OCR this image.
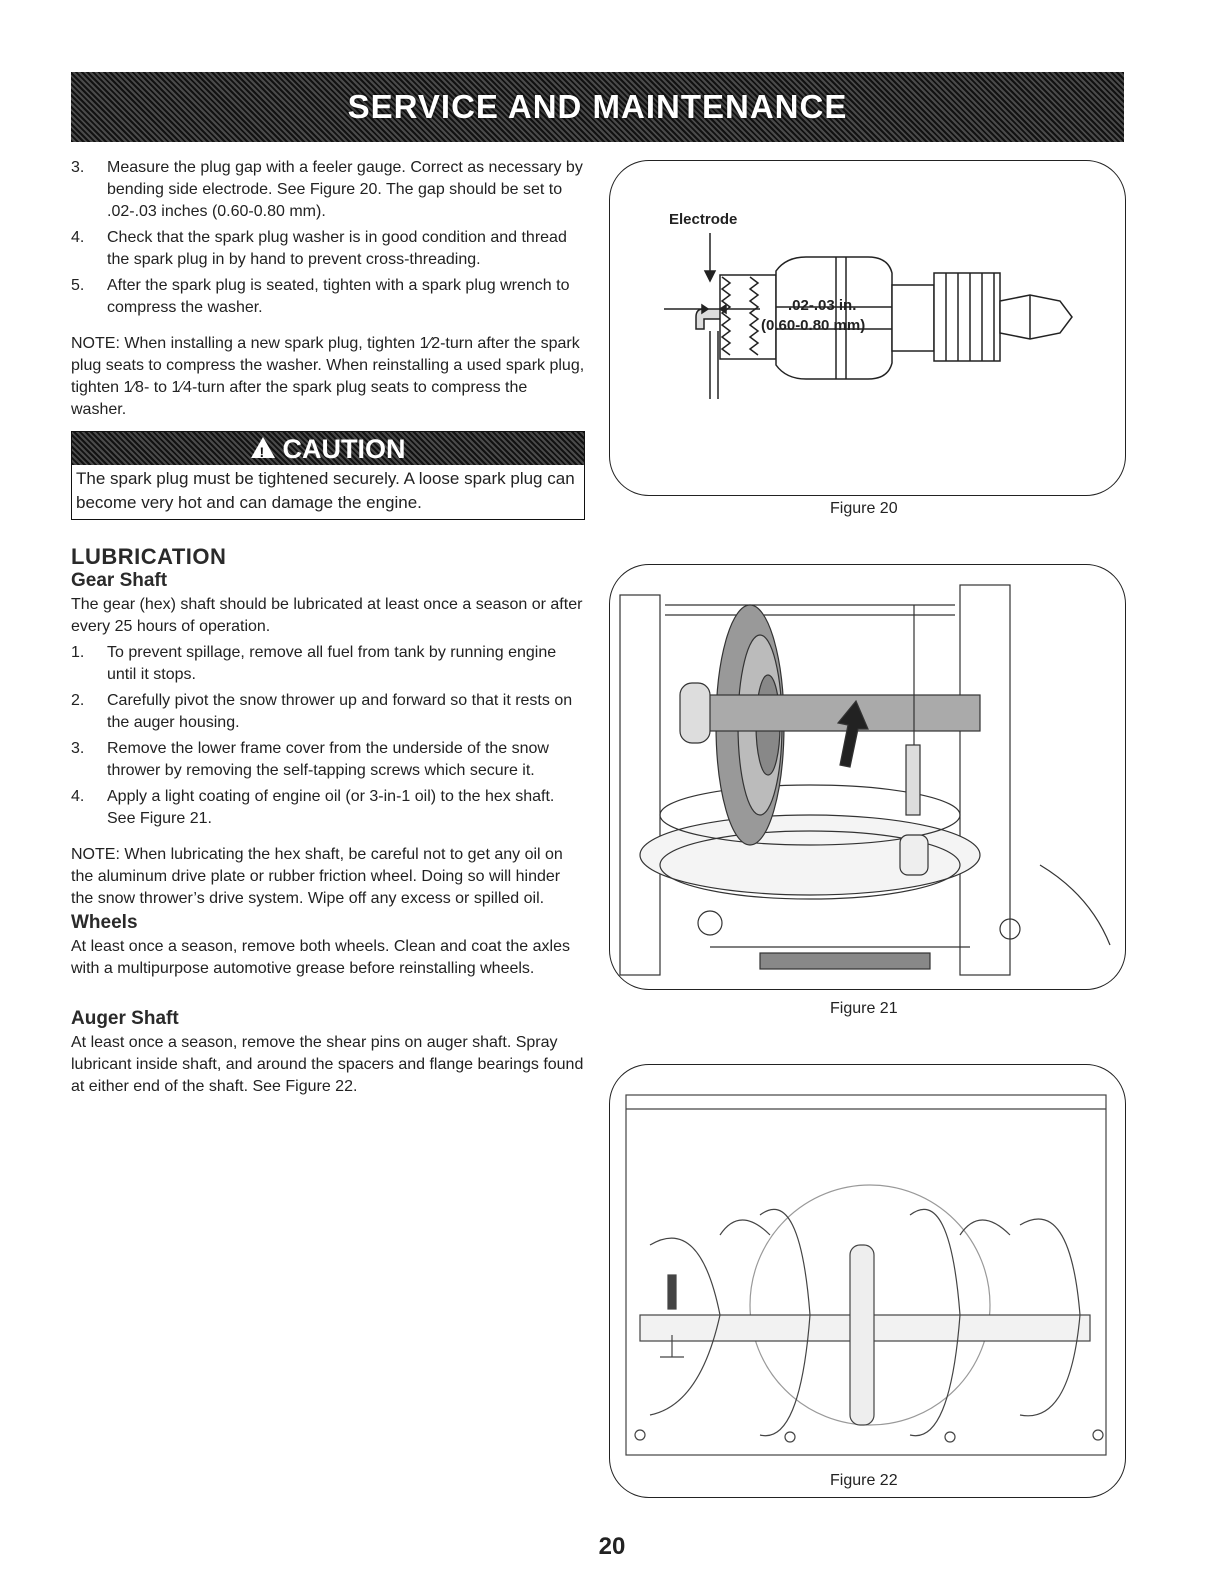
SERVICE AND MAINTENANCE
3.	Measure the plug gap with a feeler gauge. Correct as necessary by bending side electrode. See Figure 20. The gap should be set to .02-.03 inches (0.60-0.80 mm).
4.	Check that the spark plug washer is in good condition and thread the spark plug in by hand to prevent cross-threading.
5.	After the spark plug is seated, tighten with a spark plug wrench to compress the washer.

NOTE: When installing a new spark plug, tighten 1⁄2-turn after the spark plug seats to compress the washer. When reinstalling a used spark plug, tighten 1⁄8- to 1⁄4-turn after the spark plug seats to compress the washer.

! CAUTION
The spark plug must be tightened securely. A loose spark plug can become very hot and can damage the engine.
LUBRICATION
Gear Shaft

The gear (hex) shaft should be lubricated at least once a season or after every 25 hours of operation.

1.	To prevent spillage, remove all fuel from tank by running engine until it stops.
2.	Carefully pivot the snow thrower up and forward so that it rests on the auger housing.
3.	Remove the lower frame cover from the underside of the snow thrower by removing the self-tapping screws which secure it.
4.	Apply a light coating of engine oil (or 3-in-1 oil) to the hex shaft. See Figure 21.

NOTE: When lubricating the hex shaft, be careful not to get any oil on the aluminum drive plate or rubber friction wheel. Doing so will hinder the snow thrower’s drive system. Wipe off any excess or spilled oil.

Wheels

At least once a season, remove both wheels. Clean and coat the axles with a multipurpose automotive grease before reinstalling wheels.

Auger Shaft

At least once a season, remove the shear pins on auger shaft. Spray lubricant inside shaft, and around the spacers and flange bearings found at either end of the shaft. See Figure 22.

Electrode
.02-.03 in.
(0.60-0.80 mm)
Figure 20
Figure 21
Figure 22
20
